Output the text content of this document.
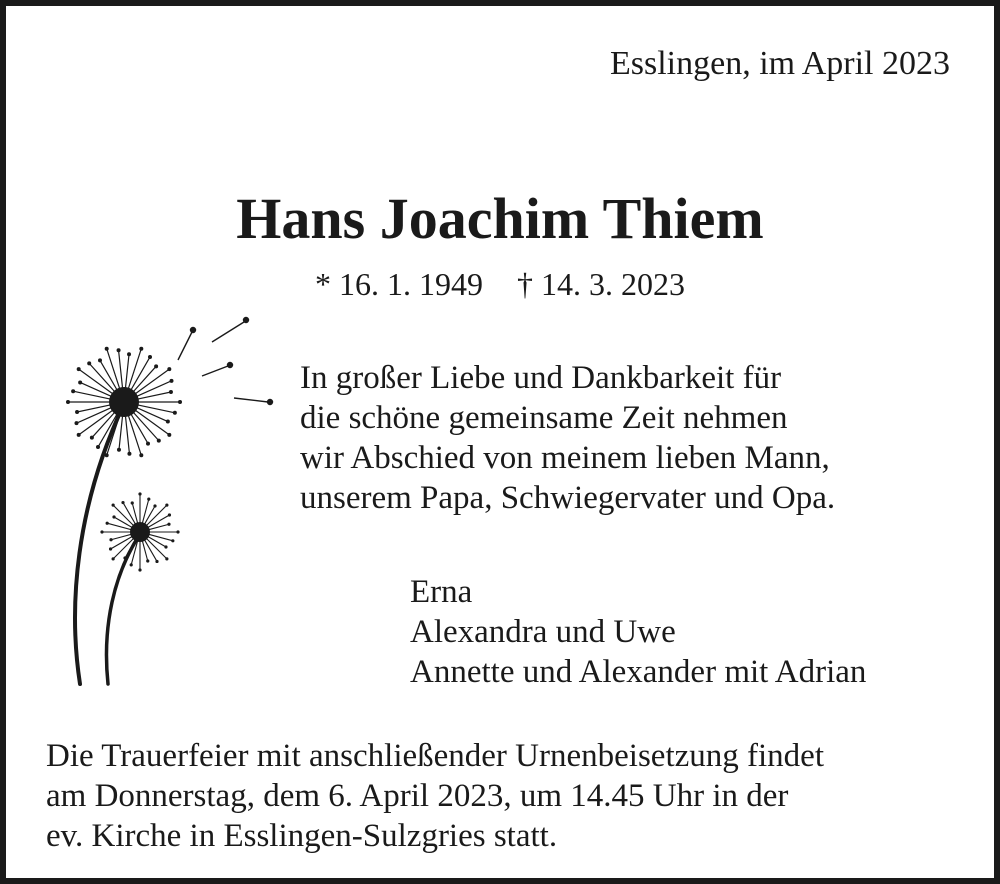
Esslingen, im April 2023
Hans Joachim Thiem
* 16. 1. 1949 † 14. 3. 2023
In großer Liebe und Dankbarkeit für
die schöne gemeinsame Zeit nehmen
wir Abschied von meinem lieben Mann,
unserem Papa, Schwiegervater und Opa.
Erna
Alexandra und Uwe
Annette und Alexander mit Adrian
Die Trauerfeier mit anschließender Urnenbeisetzung findet
am Donnerstag, dem 6. April 2023, um 14.45 Uhr in der
ev. Kirche in Esslingen-Sulzgries statt.
